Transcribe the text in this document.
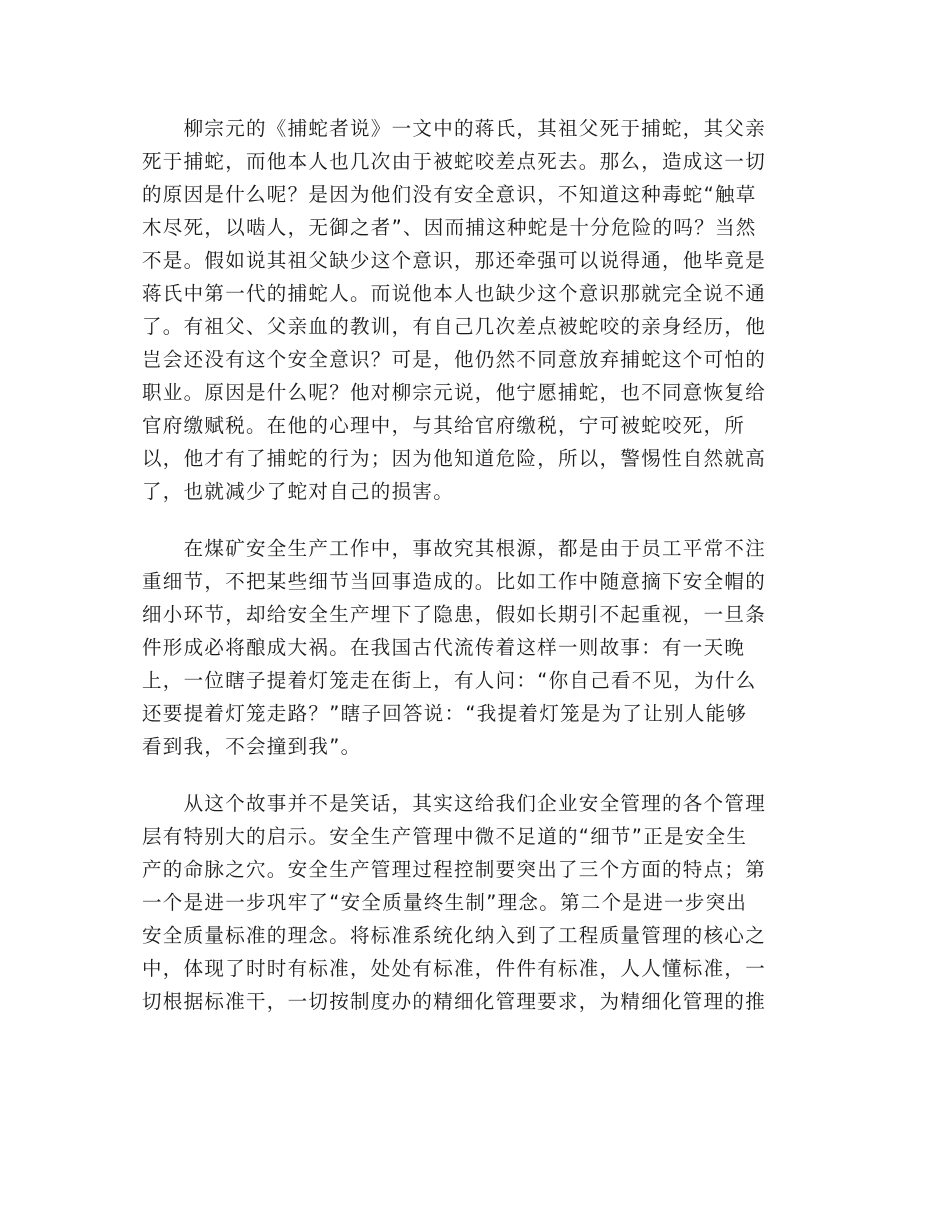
　　柳宗元的《捕蛇者说》一文中的蒋氏，其祖父死于捕蛇，其父亲
死于捕蛇，而他本人也几次由于被蛇咬差点死去。那么，造成这一切
的原因是什么呢？是因为他们没有安全意识，不知道这种毒蛇“触草
木尽死，以啮人，无御之者”、因而捕这种蛇是十分危险的吗？当然
不是。假如说其祖父缺少这个意识，那还牵强可以说得通，他毕竟是
蒋氏中第一代的捕蛇人。而说他本人也缺少这个意识那就完全说不通
了。有祖父、父亲血的教训，有自己几次差点被蛇咬的亲身经历，他
岂会还没有这个安全意识？可是，他仍然不同意放弃捕蛇这个可怕的
职业。原因是什么呢？他对柳宗元说，他宁愿捕蛇，也不同意恢复给
官府缴赋税。在他的心理中，与其给官府缴税，宁可被蛇咬死，所
以，他才有了捕蛇的行为；因为他知道危险，所以，警惕性自然就高
了，也就减少了蛇对自己的损害。

　　在煤矿安全生产工作中，事故究其根源，都是由于员工平常不注
重细节，不把某些细节当回事造成的。比如工作中随意摘下安全帽的
细小环节，却给安全生产埋下了隐患，假如长期引不起重视，一旦条
件形成必将酿成大祸。在我国古代流传着这样一则故事：有一天晚
上，一位瞎子提着灯笼走在街上，有人问：“你自己看不见，为什么
还要提着灯笼走路？”瞎子回答说：“我提着灯笼是为了让别人能够
看到我，不会撞到我”。

　　从这个故事并不是笑话，其实这给我们企业安全管理的各个管理
层有特别大的启示。安全生产管理中微不足道的“细节”正是安全生
产的命脉之穴。安全生产管理过程控制要突出了三个方面的特点；第
一个是进一步巩牢了“安全质量终生制”理念。第二个是进一步突出
安全质量标准的理念。将标准系统化纳入到了工程质量管理的核心之
中，体现了时时有标准，处处有标准，件件有标准，人人懂标准，一
切根据标准干，一切按制度办的精细化管理要求，为精细化管理的推
